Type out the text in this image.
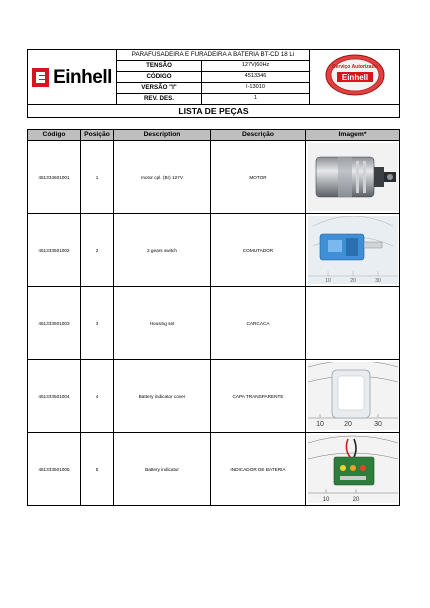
Einhell	PARAFUSADEIRA E FURADEIRA A BATERIA BT-CD 18 Li		Serviço Autorizado
Einhell

	TENSÃO	127V|60Hz	
	CÓDIGO	4513346	
	VERSÃO "I"	I-13010	
	REV. DES.	1	
LISTA DE PEÇAS			
Código	Posição	Description	Descrição	Imagem*
451334601001	1	motor cpl. (Br) 127V	MOTOR	

451333501002	2	2 gears switch	COMUTADOR	10 20 30

451333501003	3	Housing set	CARCACA	
451333501004	4	Battery indicator cover	CAPA TRANSPARENTE	10 20 30

451333501005	5	Battery indicator	INDICADOR DE BATERIA	10 20
